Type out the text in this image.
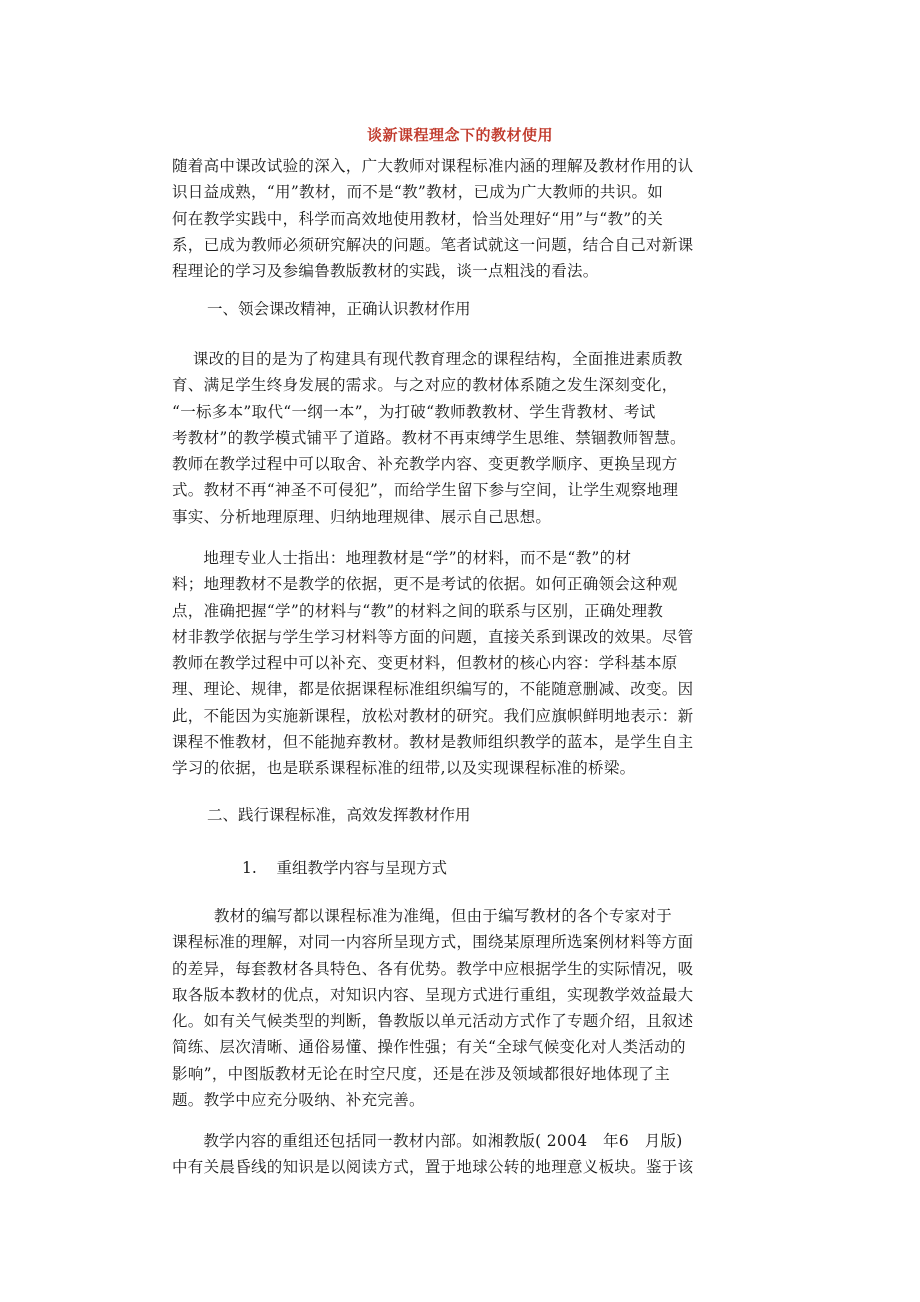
谈新课程理念下的教材使用
随着高中课改试验的深入，广大教师对课程标准内涵的理解及教材作用的认
识日益成熟，“用”教材，而不是“教”教材，已成为广大教师的共识。如
何在教学实践中，科学而高效地使用教材，恰当处理好“用”与“教”的关
系，已成为教师必须研究解决的问题。笔者试就这一问题，结合自己对新课
程理论的学习及参编鲁教版教材的实践，谈一点粗浅的看法。
一、领会课改精神，正确认识教材作用
课改的目的是为了构建具有现代教育理念的课程结构，全面推进素质教
育、满足学生终身发展的需求。与之对应的教材体系随之发生深刻变化，
“一标多本”取代“一纲一本”，为打破“教师教教材、学生背教材、考试
考教材”的教学模式铺平了道路。教材不再束缚学生思维、禁锢教师智慧。
教师在教学过程中可以取舍、补充教学内容、变更教学顺序、更换呈现方
式。教材不再“神圣不可侵犯”，而给学生留下参与空间，让学生观察地理
事实、分析地理原理、归纳地理规律、展示自己思想。
地理专业人士指出：地理教材是“学”的材料，而不是“教”的材
料；地理教材不是教学的依据，更不是考试的依据。如何正确领会这种观
点，准确把握“学”的材料与“教”的材料之间的联系与区别，正确处理教
材非教学依据与学生学习材料等方面的问题，直接关系到课改的效果。尽管
教师在教学过程中可以补充、变更材料，但教材的核心内容：学科基本原
理、理论、规律，都是依据课程标准组织编写的，不能随意删减、改变。因
此，不能因为实施新课程，放松对教材的研究。我们应旗帜鲜明地表示：新
课程不惟教材，但不能抛弃教材。教材是教师组织教学的蓝本，是学生自主
学习的依据，也是联系课程标准的纽带,以及实现课程标准的桥梁。
二、践行课程标准，高效发挥教材作用
1.    重组教学内容与呈现方式
教材的编写都以课程标准为准绳，但由于编写教材的各个专家对于
课程标准的理解，对同一内容所呈现方式，围绕某原理所选案例材料等方面
的差异，每套教材各具特色、各有优势。教学中应根据学生的实际情况，吸
取各版本教材的优点，对知识内容、呈现方式进行重组，实现教学效益最大
化。如有关气候类型的判断，鲁教版以单元活动方式作了专题介绍，且叙述
简练、层次清晰、通俗易懂、操作性强；有关“全球气候变化对人类活动的
影响”，中图版教材无论在时空尺度，还是在涉及领域都很好地体现了主
题。教学中应充分吸纳、补充完善。
教学内容的重组还包括同一教材内部。如湘教版( 2004   年6   月版)
中有关晨昏线的知识是以阅读方式，置于地球公转的地理意义板块。鉴于该
